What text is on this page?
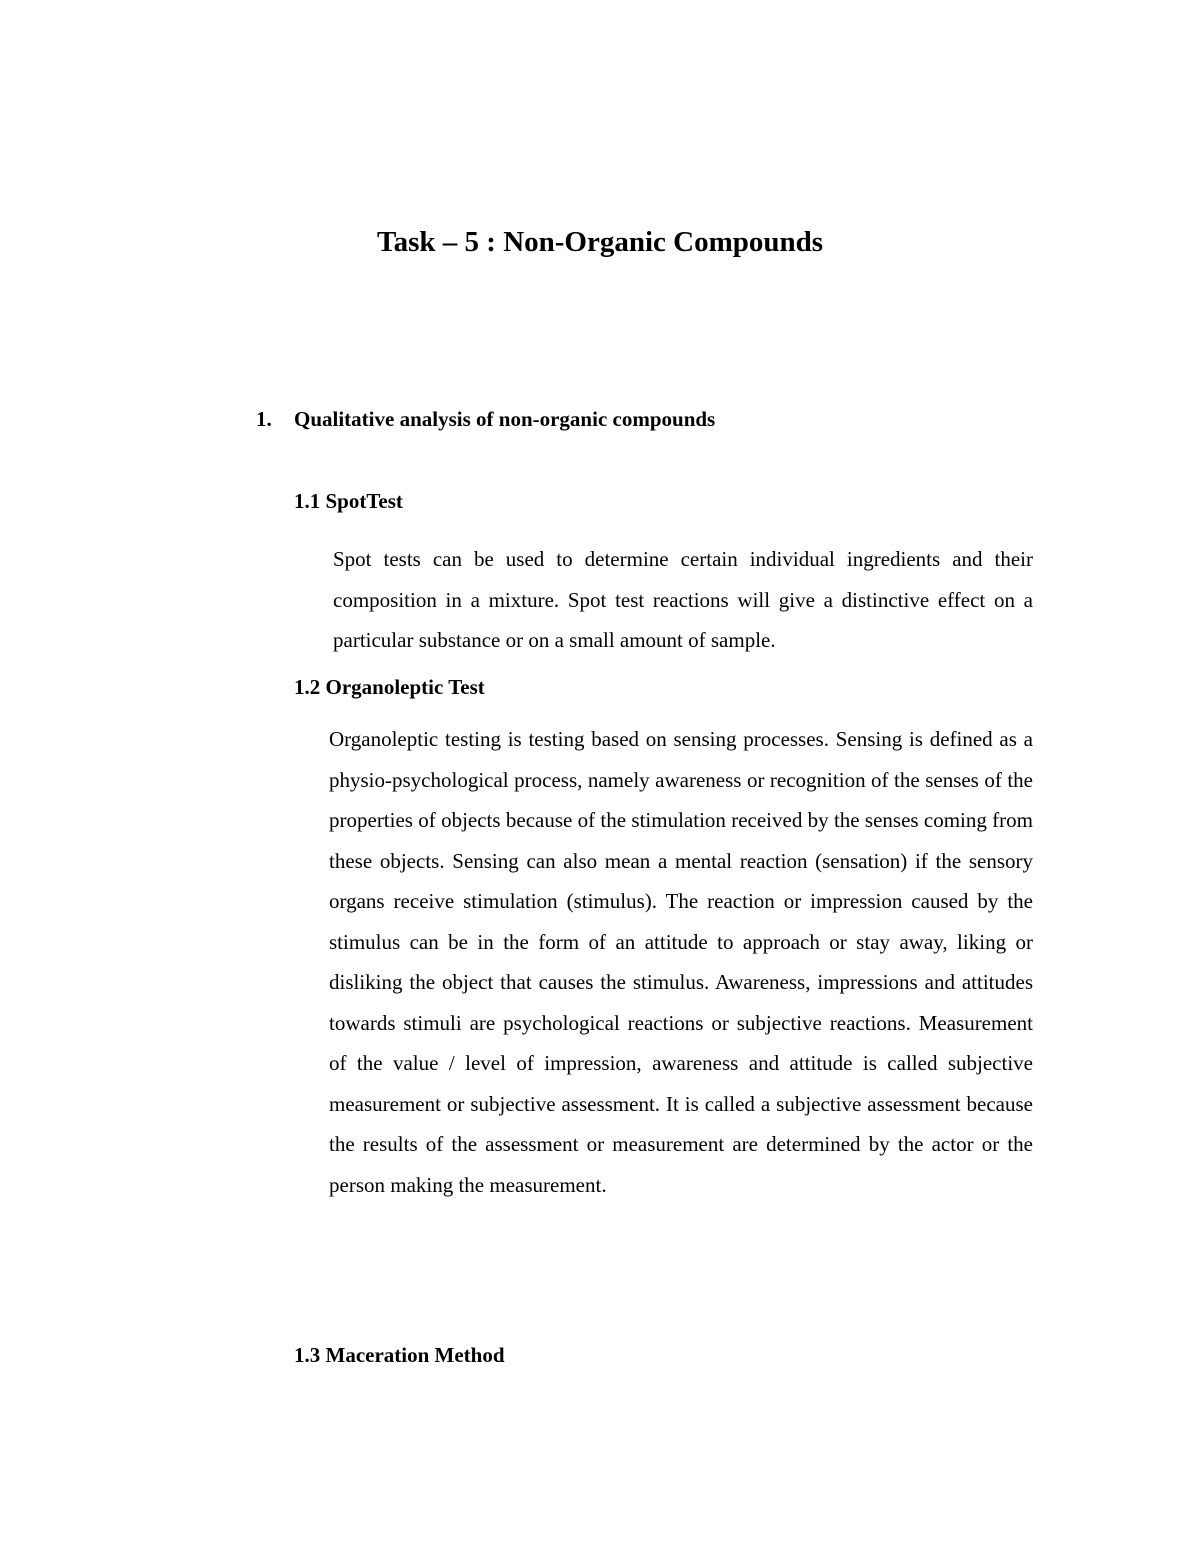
Task – 5 : Non-Organic Compounds
1. Qualitative analysis of non-organic compounds
1.1 SpotTest
Spot tests can be used to determine certain individual ingredients and their composition in a mixture. Spot test reactions will give a distinctive effect on a particular substance or on a small amount of sample.
1.2 Organoleptic Test
Organoleptic testing is testing based on sensing processes. Sensing is defined as a physio-psychological process, namely awareness or recognition of the senses of the properties of objects because of the stimulation received by the senses coming from these objects. Sensing can also mean a mental reaction (sensation) if the sensory organs receive stimulation (stimulus). The reaction or impression caused by the stimulus can be in the form of an attitude to approach or stay away, liking or disliking the object that causes the stimulus. Awareness, impressions and attitudes towards stimuli are psychological reactions or subjective reactions. Measurement of the value / level of impression, awareness and attitude is called subjective measurement or subjective assessment. It is called a subjective assessment because the results of the assessment or measurement are determined by the actor or the person making the measurement.
1.3 Maceration Method
